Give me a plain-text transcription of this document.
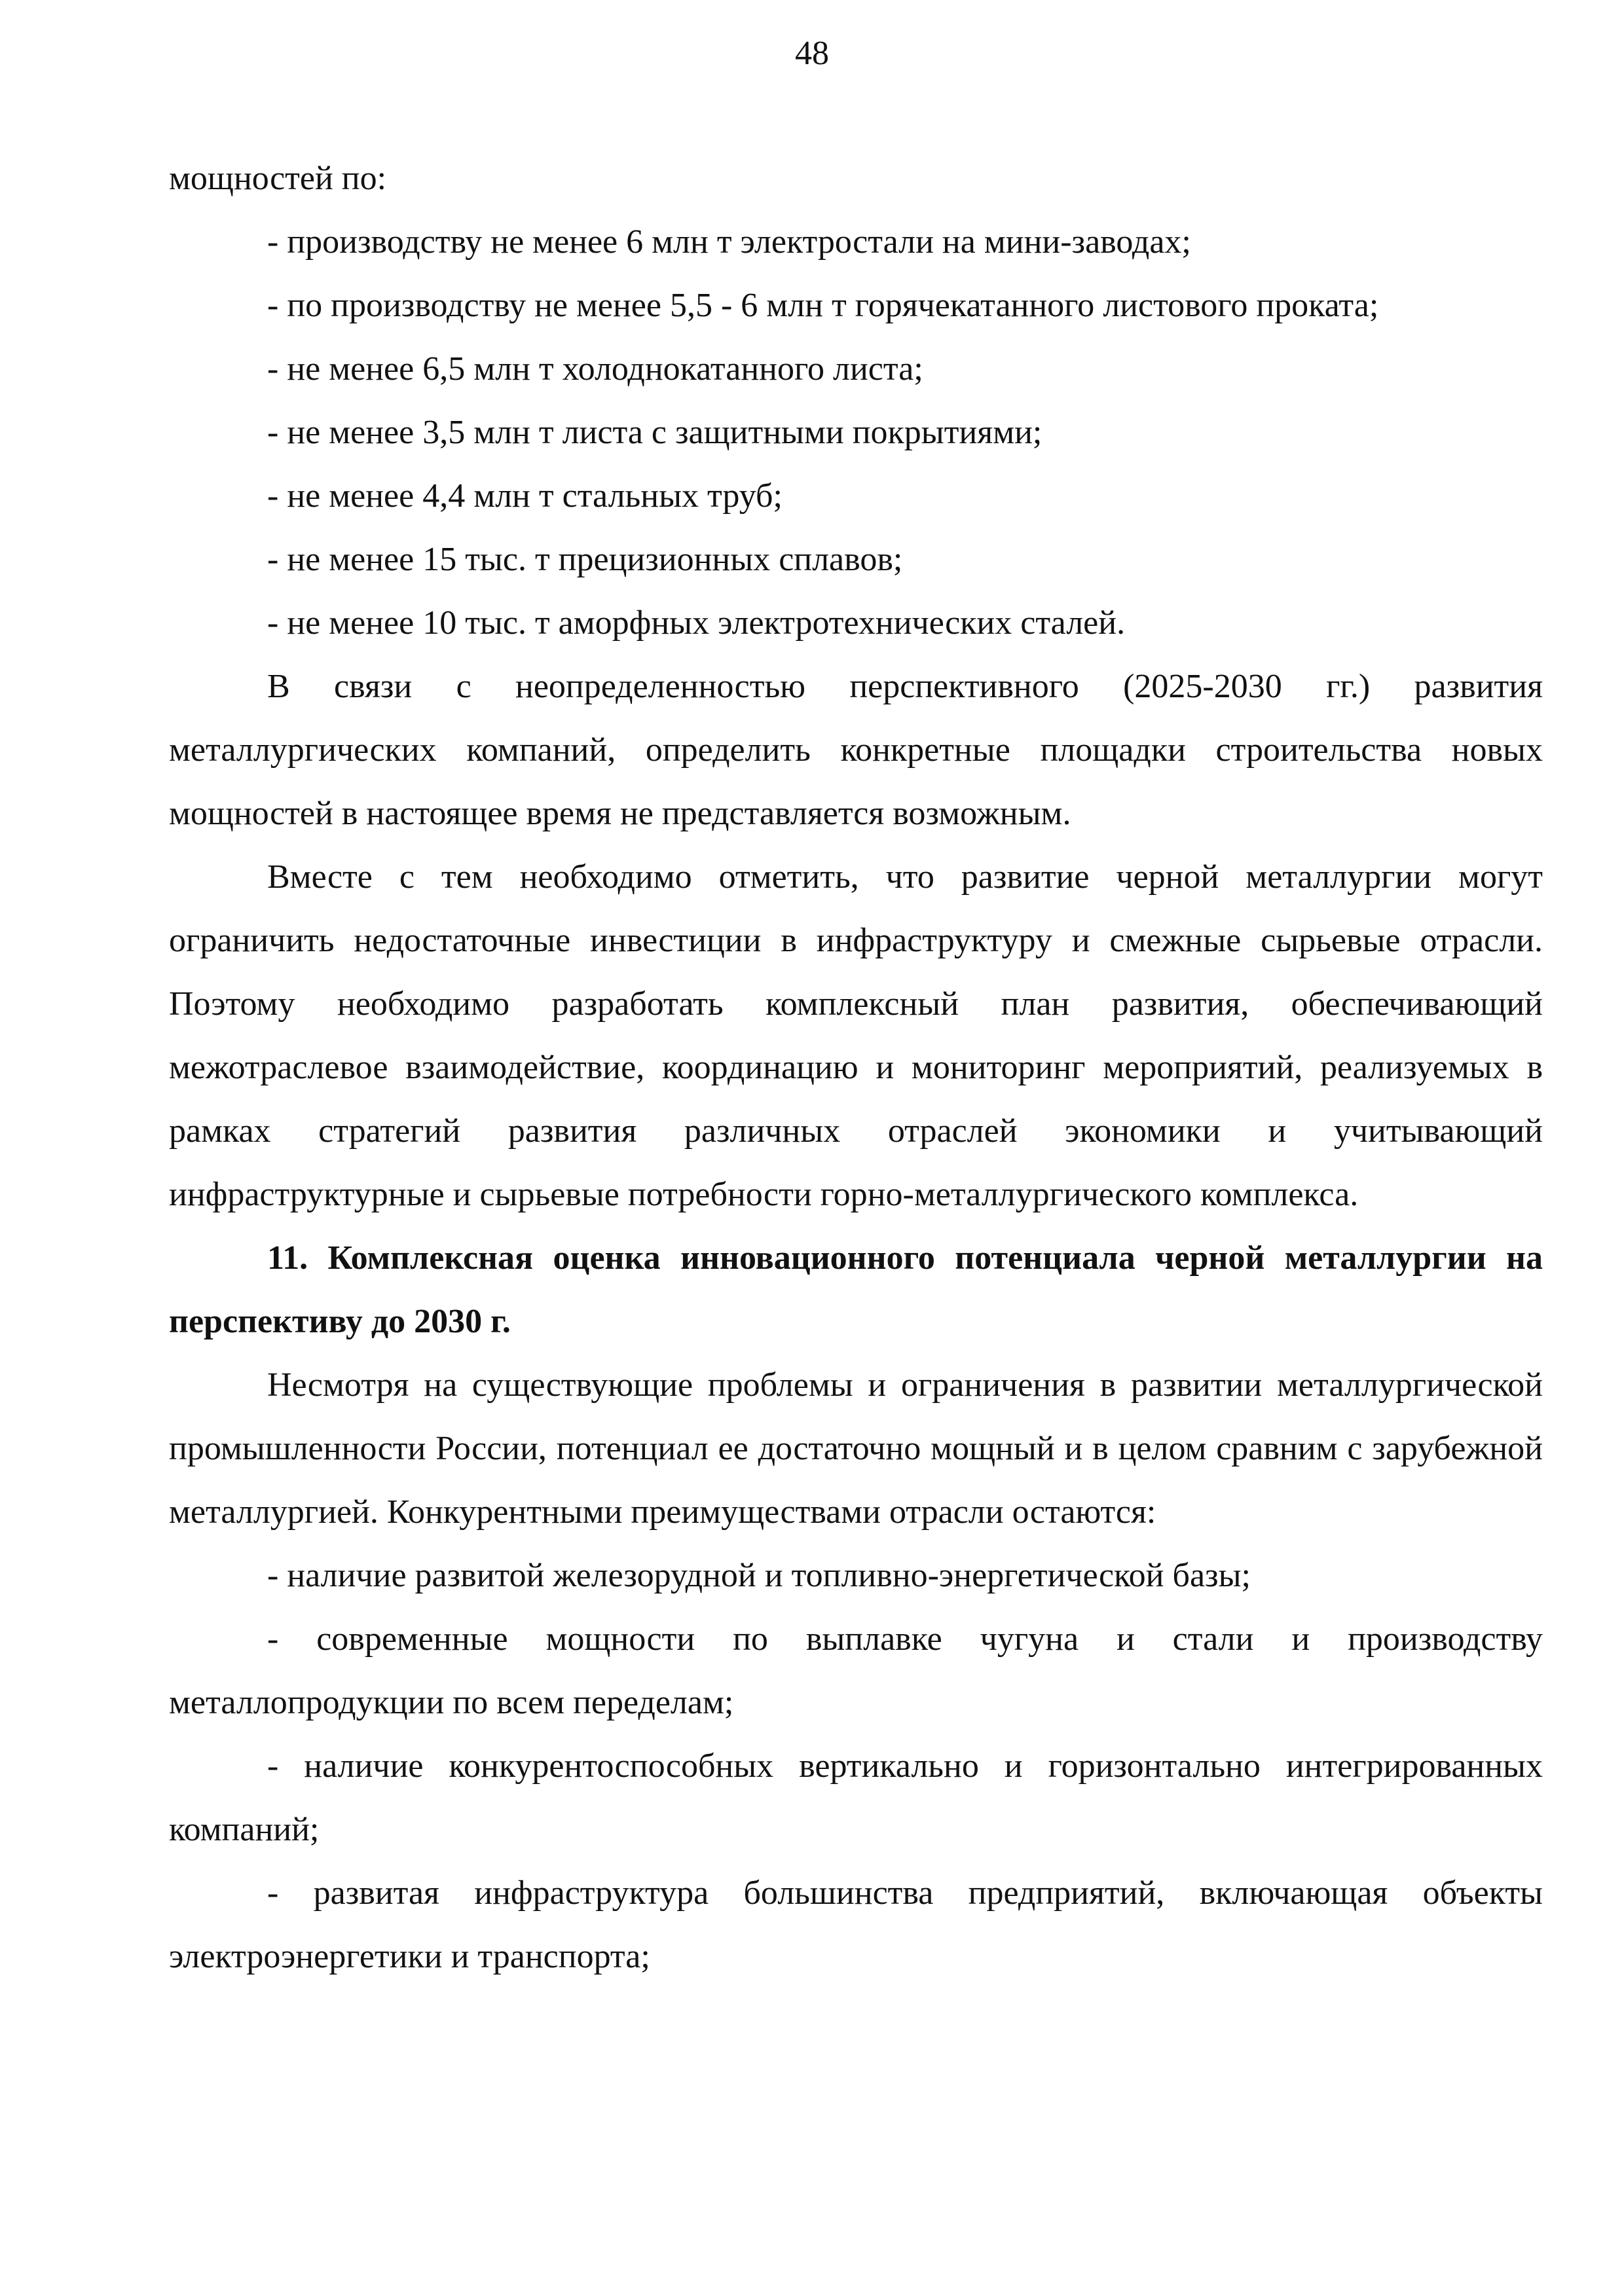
48

мощностей по:

- производству не менее 6 млн т электростали на мини-заводах;

- по производству не менее 5,5 - 6 млн т горячекатанного листового проката;

- не менее 6,5 млн т холоднокатанного листа;

- не менее 3,5 млн т листа с защитными покрытиями;

- не менее 4,4 млн т стальных труб;

- не менее 15 тыс. т прецизионных сплавов;

- не менее 10 тыс. т аморфных электротехнических сталей.

В связи с неопределенностью перспективного (2025-2030 гг.) развития металлургических компаний, определить конкретные площадки строительства новых мощностей в настоящее время не представляется возможным.

Вместе с тем необходимо отметить, что развитие черной металлургии могут ограничить недостаточные инвестиции в инфраструктуру и смежные сырьевые отрасли. Поэтому необходимо разработать комплексный план развития, обеспечивающий межотраслевое взаимодействие, координацию и мониторинг мероприятий, реализуемых в рамках стратегий развития различных отраслей экономики и учитывающий инфраструктурные и сырьевые потребности горно-металлургического комплекса.

11. Комплексная оценка инновационного потенциала черной металлургии на перспективу до 2030 г.

Несмотря на существующие проблемы и ограничения в развитии металлургической промышленности России, потенциал ее достаточно мощный и в целом сравним с зарубежной металлургией. Конкурентными преимуществами отрасли остаются:

- наличие развитой железорудной и топливно-энергетической базы;

- современные мощности по выплавке чугуна и стали и производству металлопродукции по всем переделам;

- наличие конкурентоспособных вертикально и горизонтально интегрированных компаний;

- развитая инфраструктура большинства предприятий, включающая объекты электроэнергетики и транспорта;
